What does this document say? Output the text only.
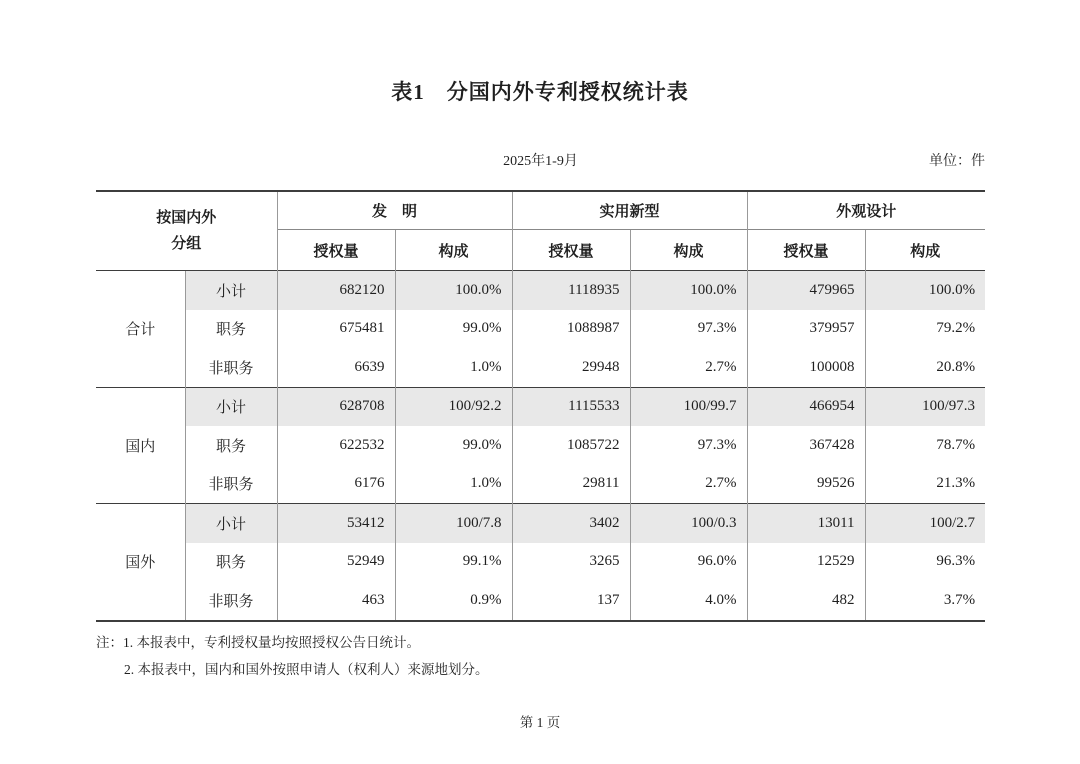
表1　分国内外专利授权统计表
2025年1-9月	单位：件
按国内外
分组		发　明		实用新型		外观设计	
		授权量	构成	授权量	构成	授权量	构成
合计	小计	682120	100.0%	1118935	100.0%	479965	100.0%
	职务	675481	99.0%	1088987	97.3%	379957	79.2%
	非职务	6639	1.0%	29948	2.7%	100008	20.8%
国内	小计	628708	100/92.2	1115533	100/99.7	466954	100/97.3
	职务	622532	99.0%	1085722	97.3%	367428	78.7%
	非职务	6176	1.0%	29811	2.7%	99526	21.3%
国外	小计	53412	100/7.8	3402	100/0.3	13011	100/2.7
	职务	52949	99.1%	3265	96.0%	12529	96.3%
	非职务	463	0.9%	137	4.0%	482	3.7%
注：1. 本报表中，专利授权量均按照授权公告日统计。
2. 本报表中，国内和国外按照申请人（权利人）来源地划分。
第 1 页
